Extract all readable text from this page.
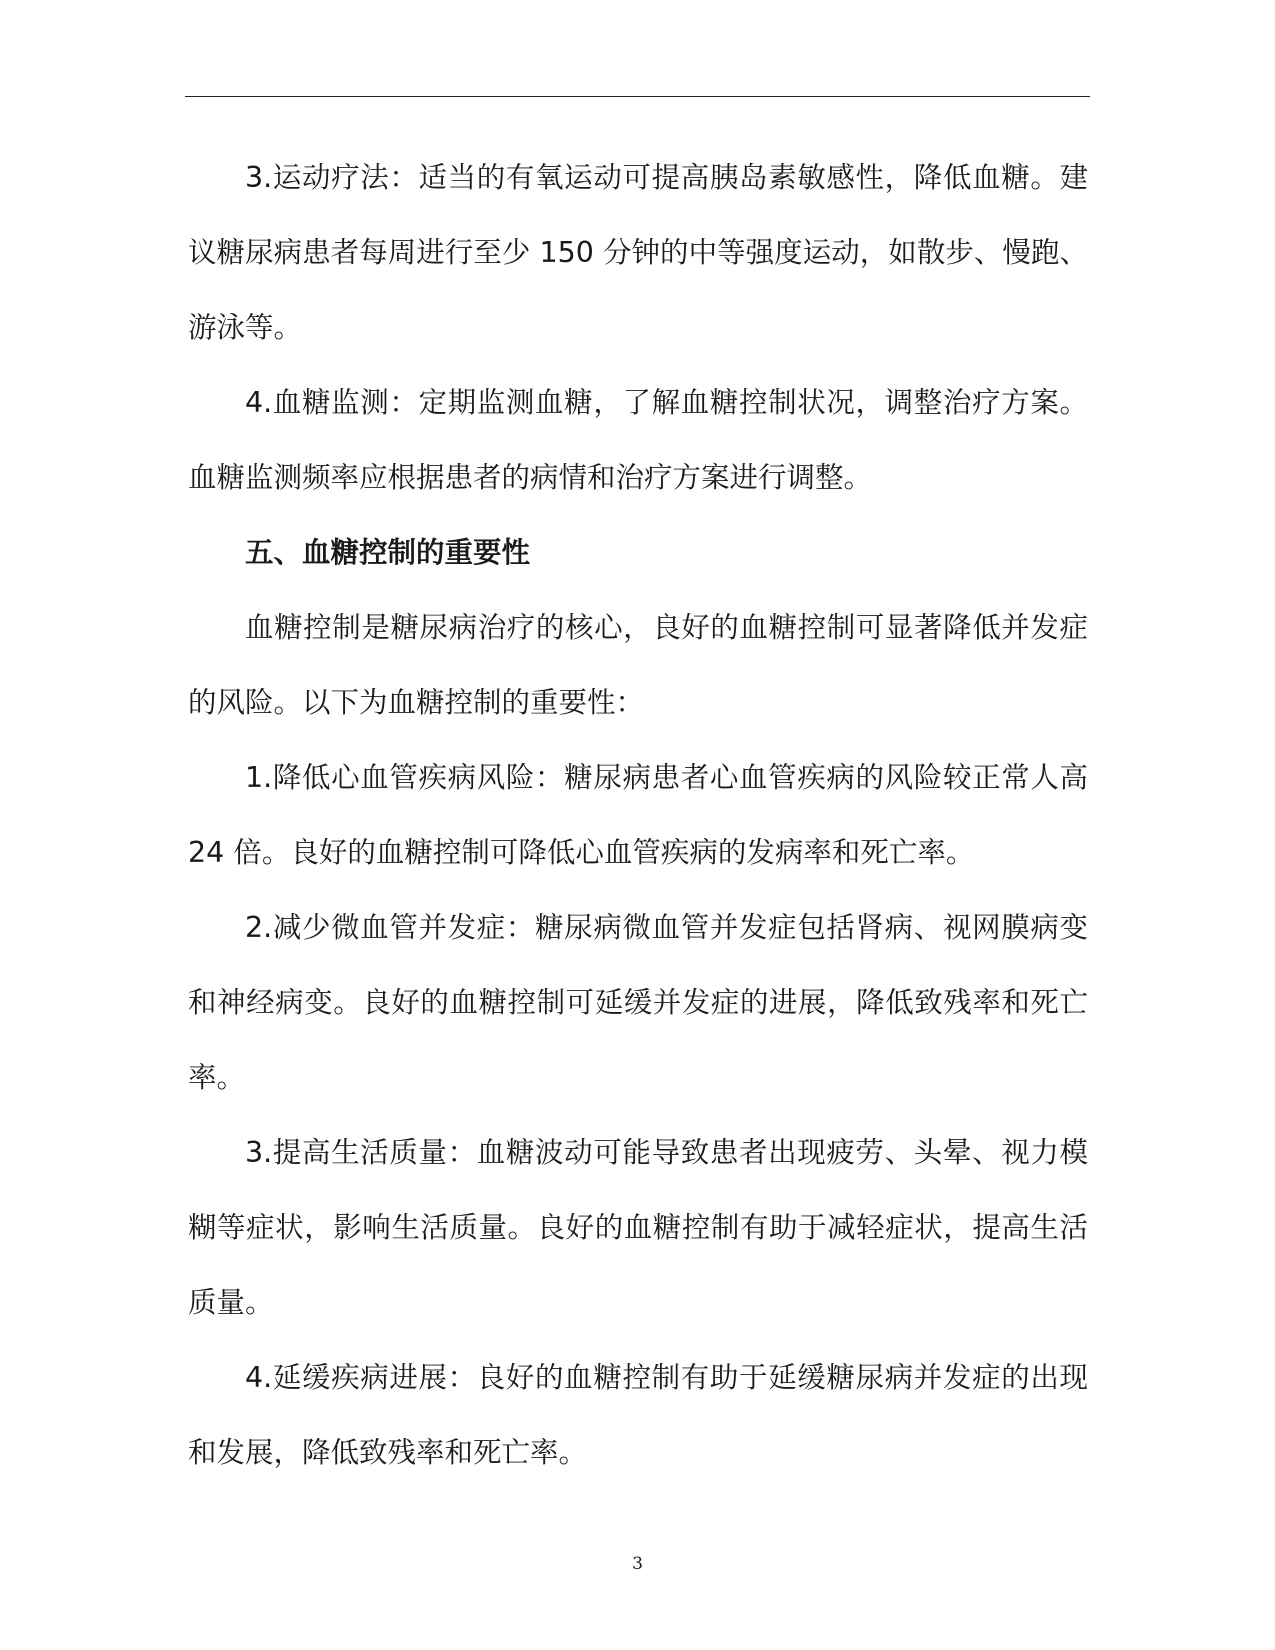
3.运动疗法：适当的有氧运动可提高胰岛素敏感性，降低血糖。建议糖尿病患者每周进行至少 150 分钟的中等强度运动，如散步、慢跑、游泳等。

4.血糖监测：定期监测血糖，了解血糖控制状况，调整治疗方案。血糖监测频率应根据患者的病情和治疗方案进行调整。

五、血糖控制的重要性

血糖控制是糖尿病治疗的核心，良好的血糖控制可显著降低并发症的风险。以下为血糖控制的重要性：

1.降低心血管疾病风险：糖尿病患者心血管疾病的风险较正常人高 24 倍。良好的血糖控制可降低心血管疾病的发病率和死亡率。

2.减少微血管并发症：糖尿病微血管并发症包括肾病、视网膜病变和神经病变。良好的血糖控制可延缓并发症的进展，降低致残率和死亡率。

3.提高生活质量：血糖波动可能导致患者出现疲劳、头晕、视力模糊等症状，影响生活质量。良好的血糖控制有助于减轻症状，提高生活质量。

4.延缓疾病进展：良好的血糖控制有助于延缓糖尿病并发症的出现和发展，降低致残率和死亡率。

3
